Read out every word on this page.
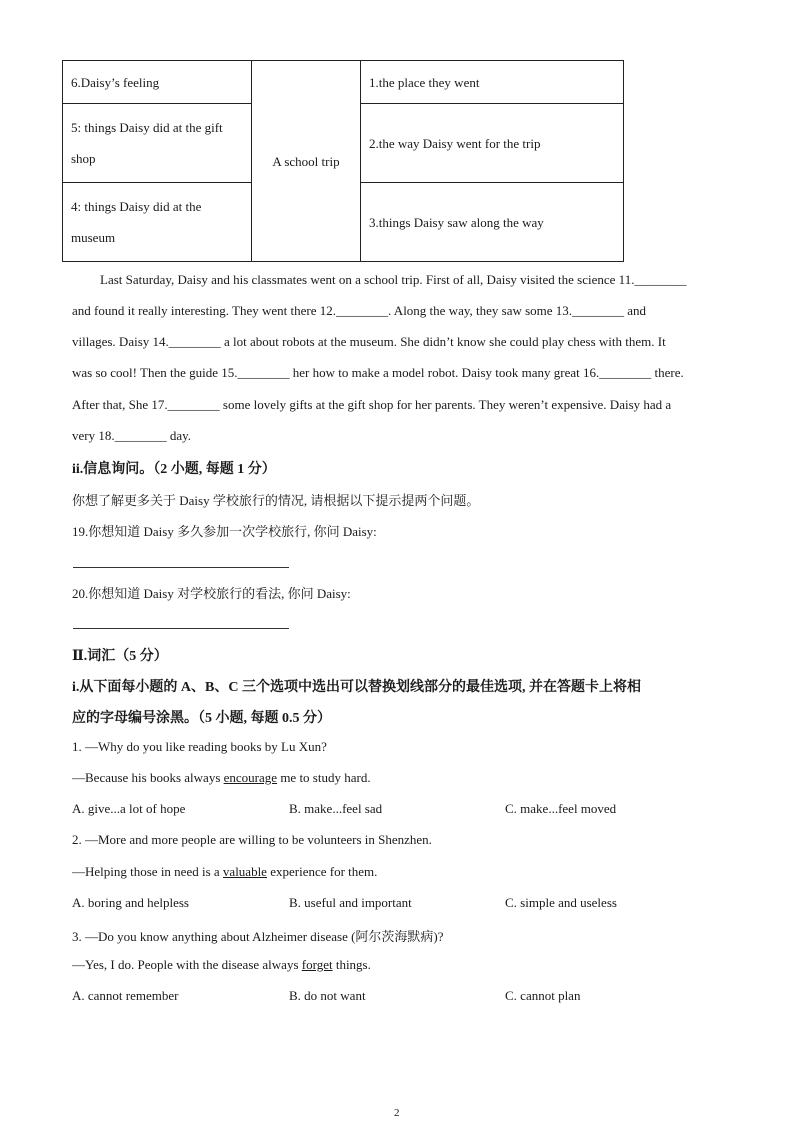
6.Daisy’s feeling	A school trip	1.the place they went
5: things Daisy did at the gift shop		2.the way Daisy went for the trip
4: things Daisy did at the museum		3.things Daisy saw along the way
Last Saturday, Daisy and his classmates went on a school trip. First of all, Daisy visited the science 11.________
and found it really interesting. They went there 12.________. Along the way, they saw some 13.________ and
villages. Daisy 14.________ a lot about robots at the museum. She didn’t know she could play chess with them. It
was so cool! Then the guide 15.________ her how to make a model robot. Daisy took many great 16.________ there.
After that, She 17.________ some lovely gifts at the gift shop for her parents. They weren’t expensive. Daisy had a
very 18.________ day.
ii.信息询问。（2 小题, 每题 1 分）
你想了解更多关于 Daisy 学校旅行的情况, 请根据以下提示提两个问题。
19.你想知道 Daisy 多久参加一次学校旅行, 你问 Daisy:
20.你想知道 Daisy 对学校旅行的看法, 你问 Daisy:
Ⅱ.词汇（5 分）
i.从下面每小题的 A、B、C 三个选项中选出可以替换划线部分的最佳选项, 并在答题卡上将相
应的字母编号涂黑。（5 小题, 每题 0.5 分）
1. —Why do you like reading books by Lu Xun?
—Because his books always encourage me to study hard.
A. give...a lot of hope	B. make...feel sad	C. make...feel moved
2. —More and more people are willing to be volunteers in Shenzhen.
—Helping those in need is a valuable experience for them.
A. boring and helpless	B. useful and important	C. simple and useless
3. —Do you know anything about Alzheimer disease (阿尔茨海默病)?
—Yes, I do. People with the disease always forget things.
A. cannot remember	B. do not want	C. cannot plan
2
